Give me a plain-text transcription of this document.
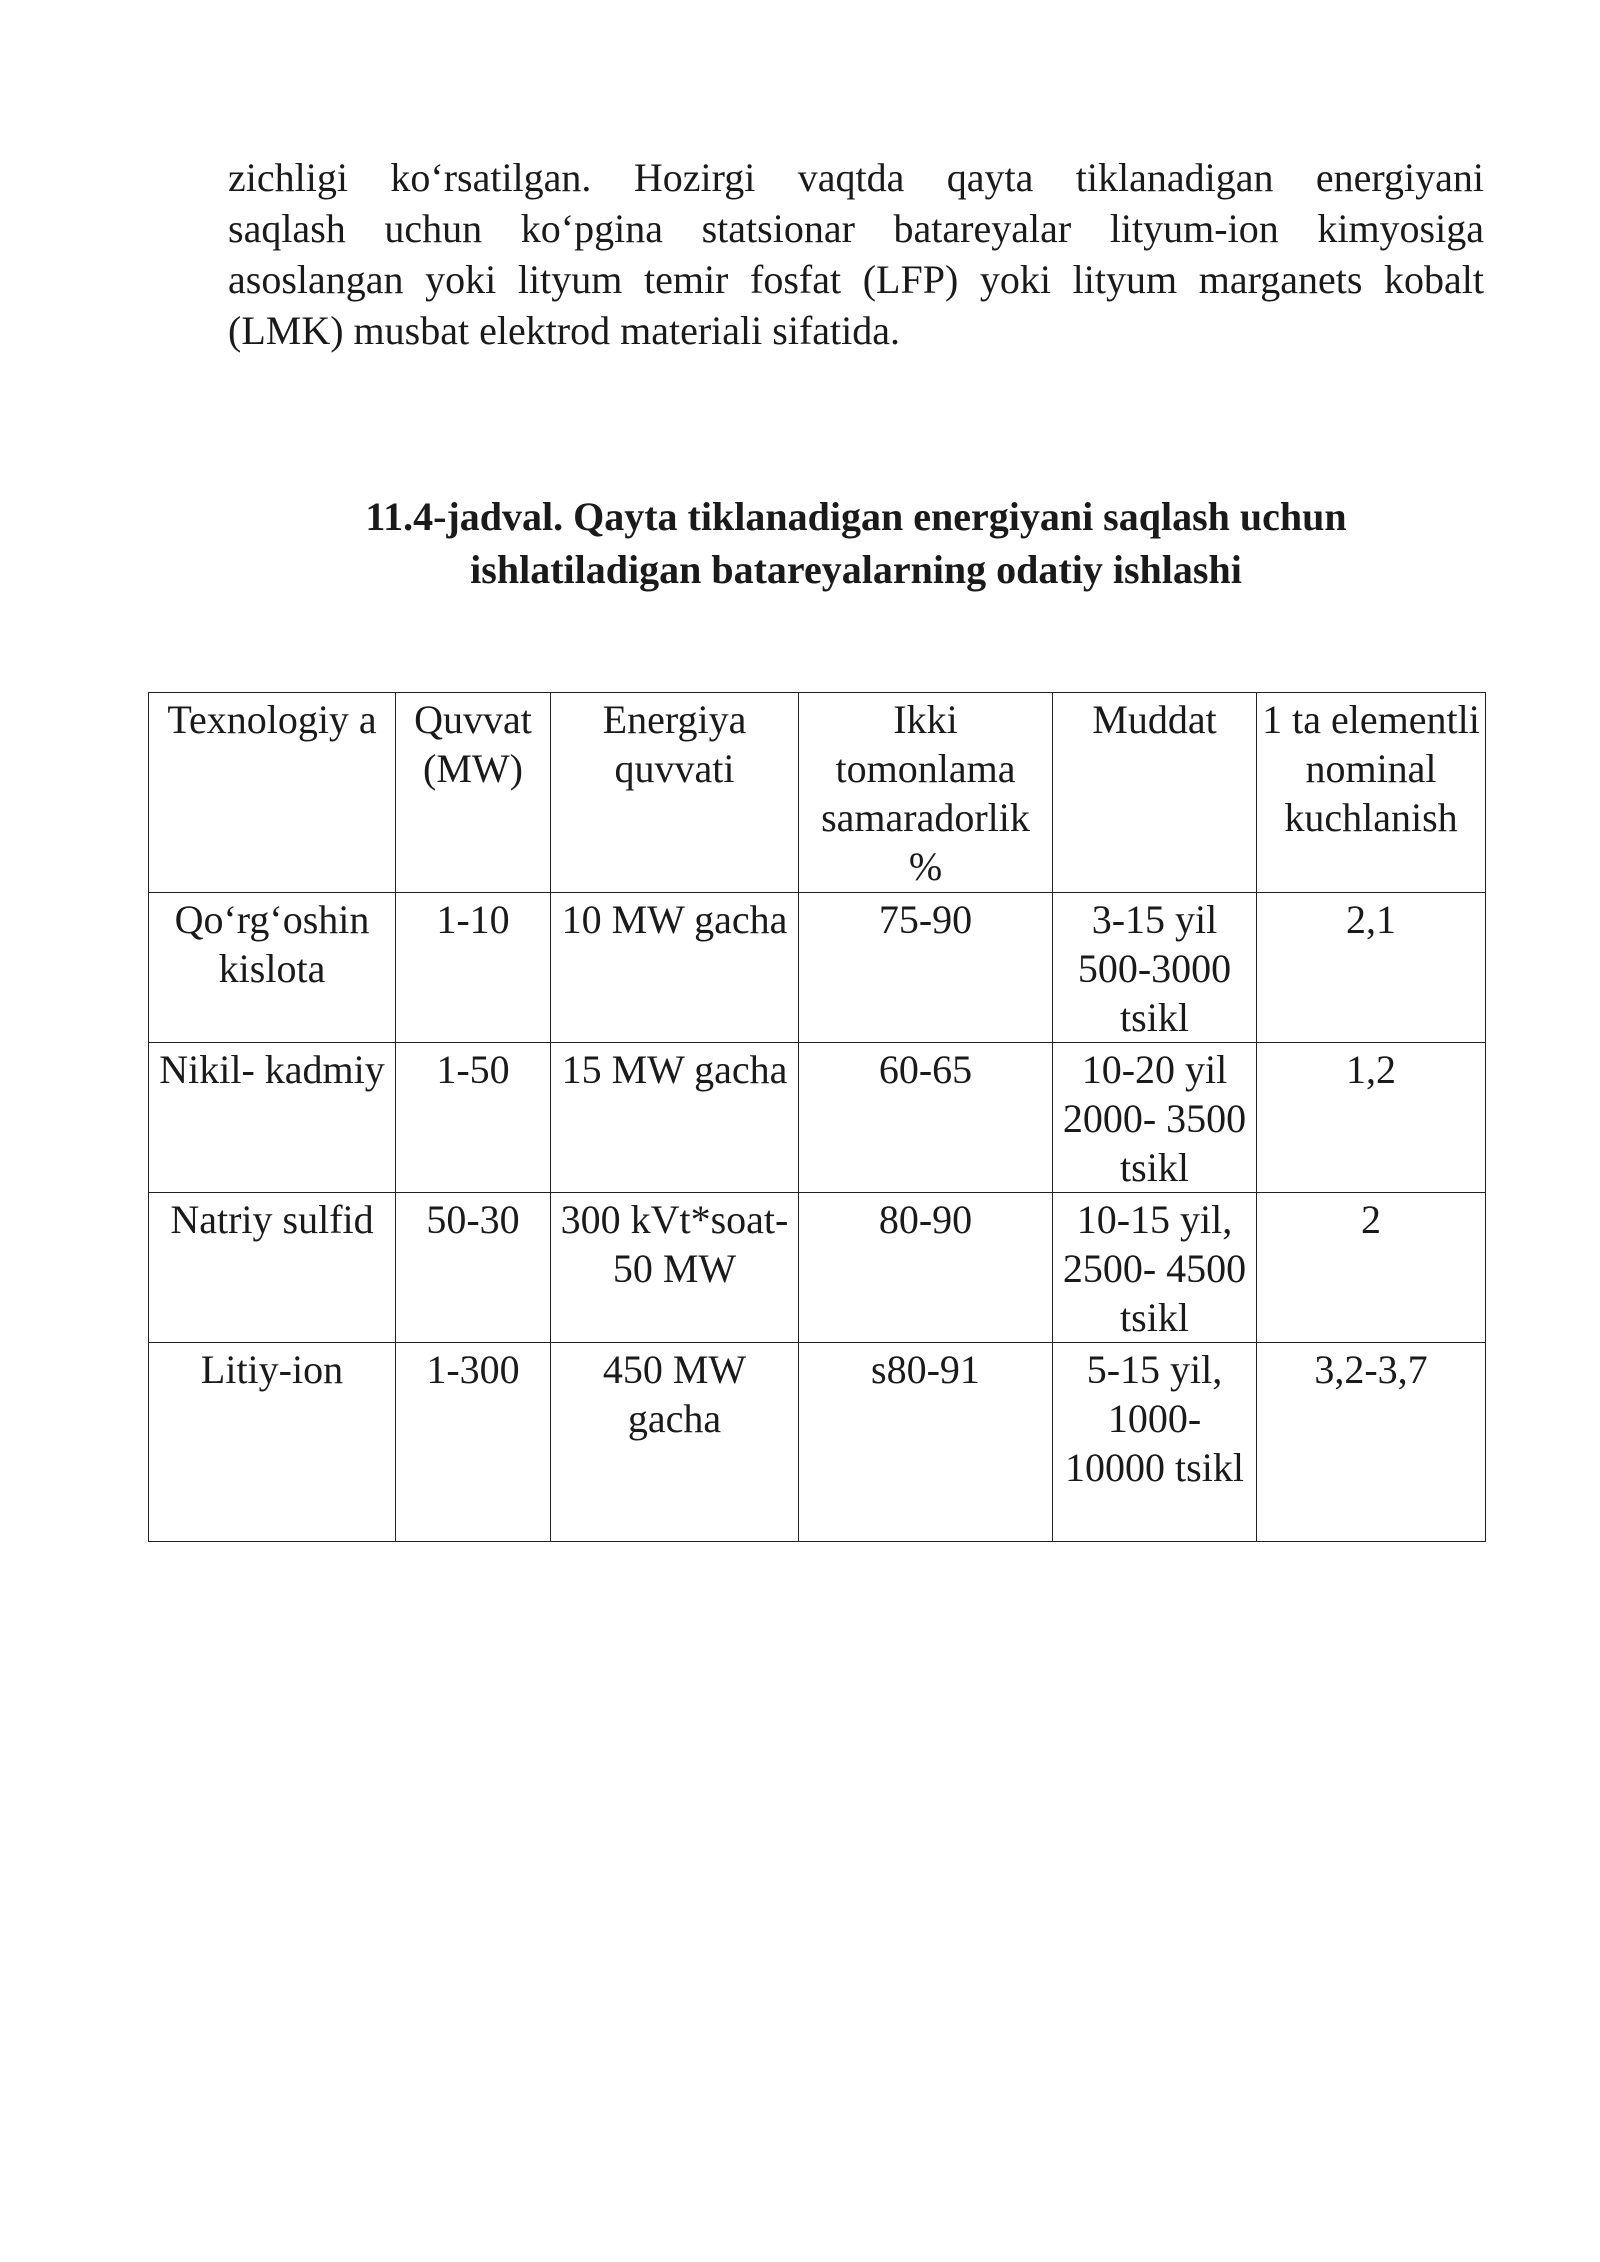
zichligi ko‘rsatilgan. Hozirgi vaqtda qayta tiklanadigan energiyani
saqlash uchun ko‘pgina statsionar batareyalar lityum-ion kimyosiga
asoslangan yoki lityum temir fosfat (LFP) yoki lityum marganets kobalt
(LMK) musbat elektrod materiali sifatida.
11.4-jadval. Qayta tiklanadigan energiyani saqlash uchun
ishlatiladigan batareyalarning odatiy ishlashi
Texnologiy a	Quvvat (MW)	Energiya quvvati	Ikki tomonlama samaradorlik %	Muddat	1 ta elementli nominal kuchlanish
Qo‘rg‘oshin kislota	1-10	10 MW gacha	75-90	3-15 yil 500-3000 tsikl	2,1
Nikil- kadmiy	1-50	15 MW gacha	60-65	10-20 yil 2000- 3500 tsikl	1,2
Natriy sulfid	50-30	300 kVt*soat-50 MW	80-90	10-15 yil, 2500- 4500 tsikl	2
Litiy-ion	1-300	450 MW gacha	s80-91	5-15 yil, 1000- 10000 tsikl	3,2-3,7
